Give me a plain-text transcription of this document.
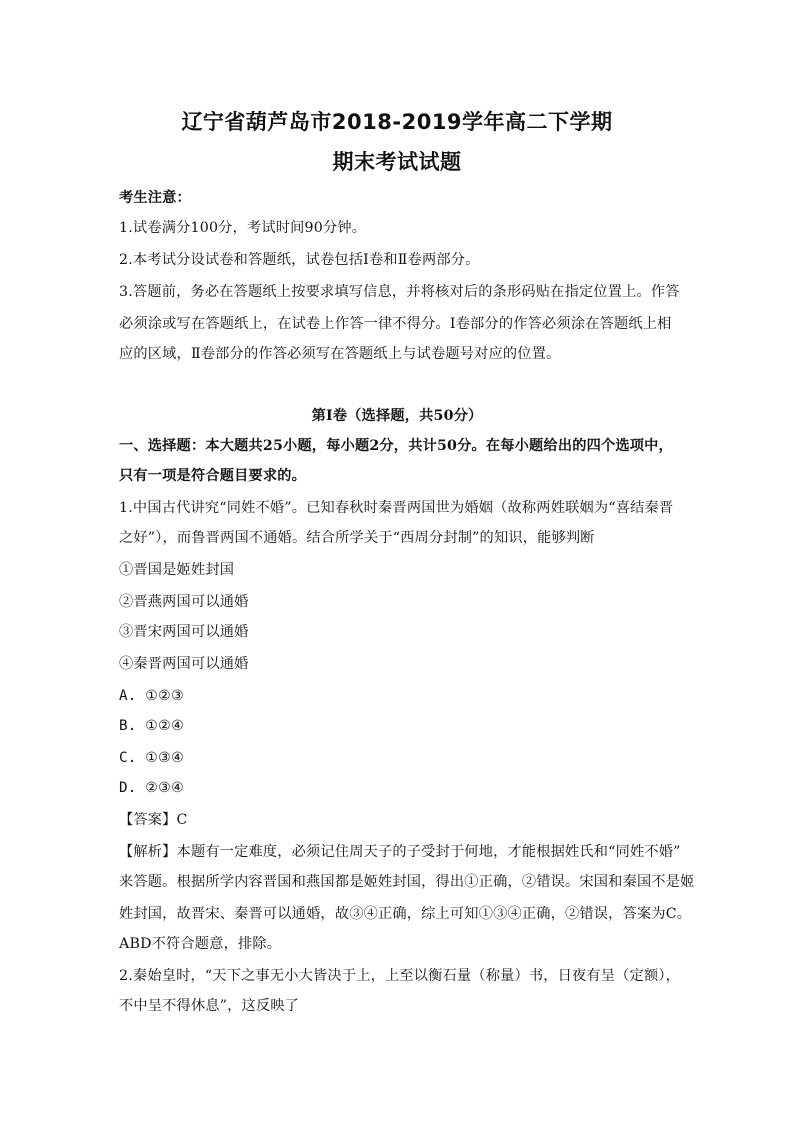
辽宁省葫芦岛市2018-2019学年高二下学期
期末考试试题
考生注意：
1.试卷满分100分，考试时间90分钟。
2.本考试分设试卷和答题纸，试卷包括Ⅰ卷和Ⅱ卷两部分。
3.答题前，务必在答题纸上按要求填写信息，并将核对后的条形码贴在指定位置上。作答
必须涂或写在答题纸上，在试卷上作答一律不得分。Ⅰ卷部分的作答必须涂在答题纸上相
应的区域，Ⅱ卷部分的作答必须写在答题纸上与试卷题号对应的位置。
第Ⅰ卷（选择题，共50分）
一、选择题：本大题共25小题，每小题2分，共计50分。在每小题给出的四个选项中，
只有一项是符合题目要求的。
1.中国古代讲究“同姓不婚”。已知春秋时秦晋两国世为婚姻（故称两姓联姻为“喜结秦晋
之好”），而鲁晋两国不通婚。结合所学关于“西周分封制”的知识，能够判断
①晋国是姬姓封国
②晋燕两国可以通婚
③晋宋两国可以通婚
④秦晋两国可以通婚
A. ①②③
B. ①②④
C. ①③④
D. ②③④
【答案】C
【解析】本题有一定难度，必须记住周天子的子受封于何地，才能根据姓氏和“同姓不婚”
来答题。根据所学内容晋国和燕国都是姬姓封国，得出①正确，②错误。宋国和秦国不是姬
姓封国，故晋宋、秦晋可以通婚，故③④正确，综上可知①③④正确，②错误，答案为C。
ABD不符合题意，排除。
2.秦始皇时，“天下之事无小大皆决于上，上至以衡石量（称量）书，日夜有呈（定额），
不中呈不得休息”，这反映了
